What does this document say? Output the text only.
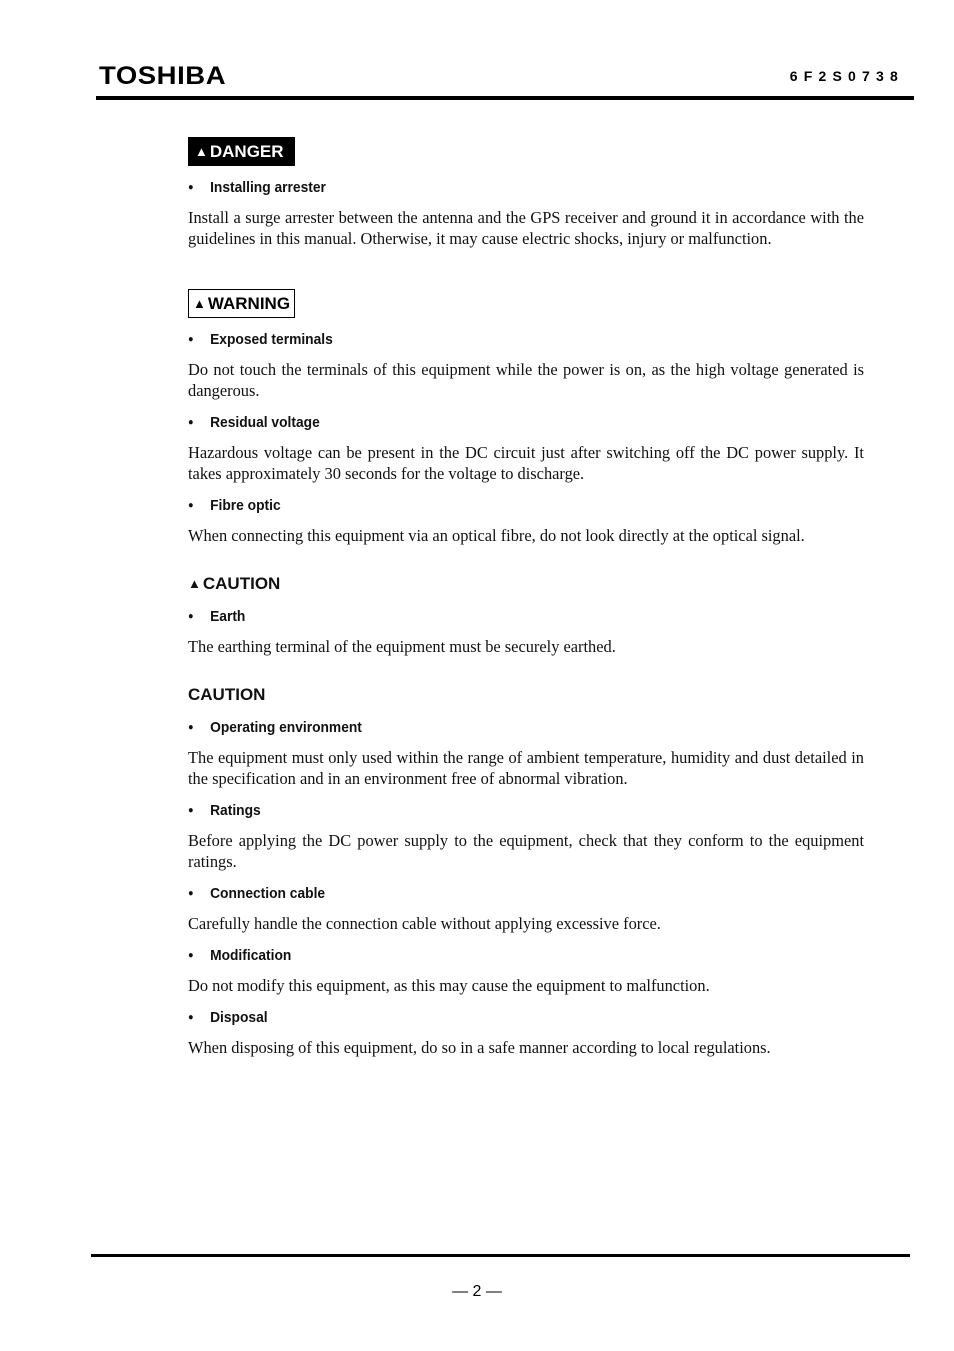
TOSHIBA	6F2S0738
▲ DANGER
● Installing arrester
Install a surge arrester between the antenna and the GPS receiver and ground it in accordance with the guidelines in this manual. Otherwise, it may cause electric shocks, injury or malfunction.
▲ WARNING
● Exposed terminals
Do not touch the terminals of this equipment while the power is on, as the high voltage generated is dangerous.
● Residual voltage
Hazardous voltage can be present in the DC circuit just after switching off the DC power supply. It takes approximately 30 seconds for the voltage to discharge.
● Fibre optic
When connecting this equipment via an optical fibre, do not look directly at the optical signal.
▲ CAUTION
● Earth
The earthing terminal of the equipment must be securely earthed.
CAUTION
● Operating environment
The equipment must only used within the range of ambient temperature, humidity and dust detailed in the specification and in an environment free of abnormal vibration.
● Ratings
Before applying the DC power supply to the equipment, check that they conform to the equipment ratings.
● Connection cable
Carefully handle the connection cable without applying excessive force.
● Modification
Do not modify this equipment, as this may cause the equipment to malfunction.
● Disposal
When disposing of this equipment, do so in a safe manner according to local regulations.
— 2 —
